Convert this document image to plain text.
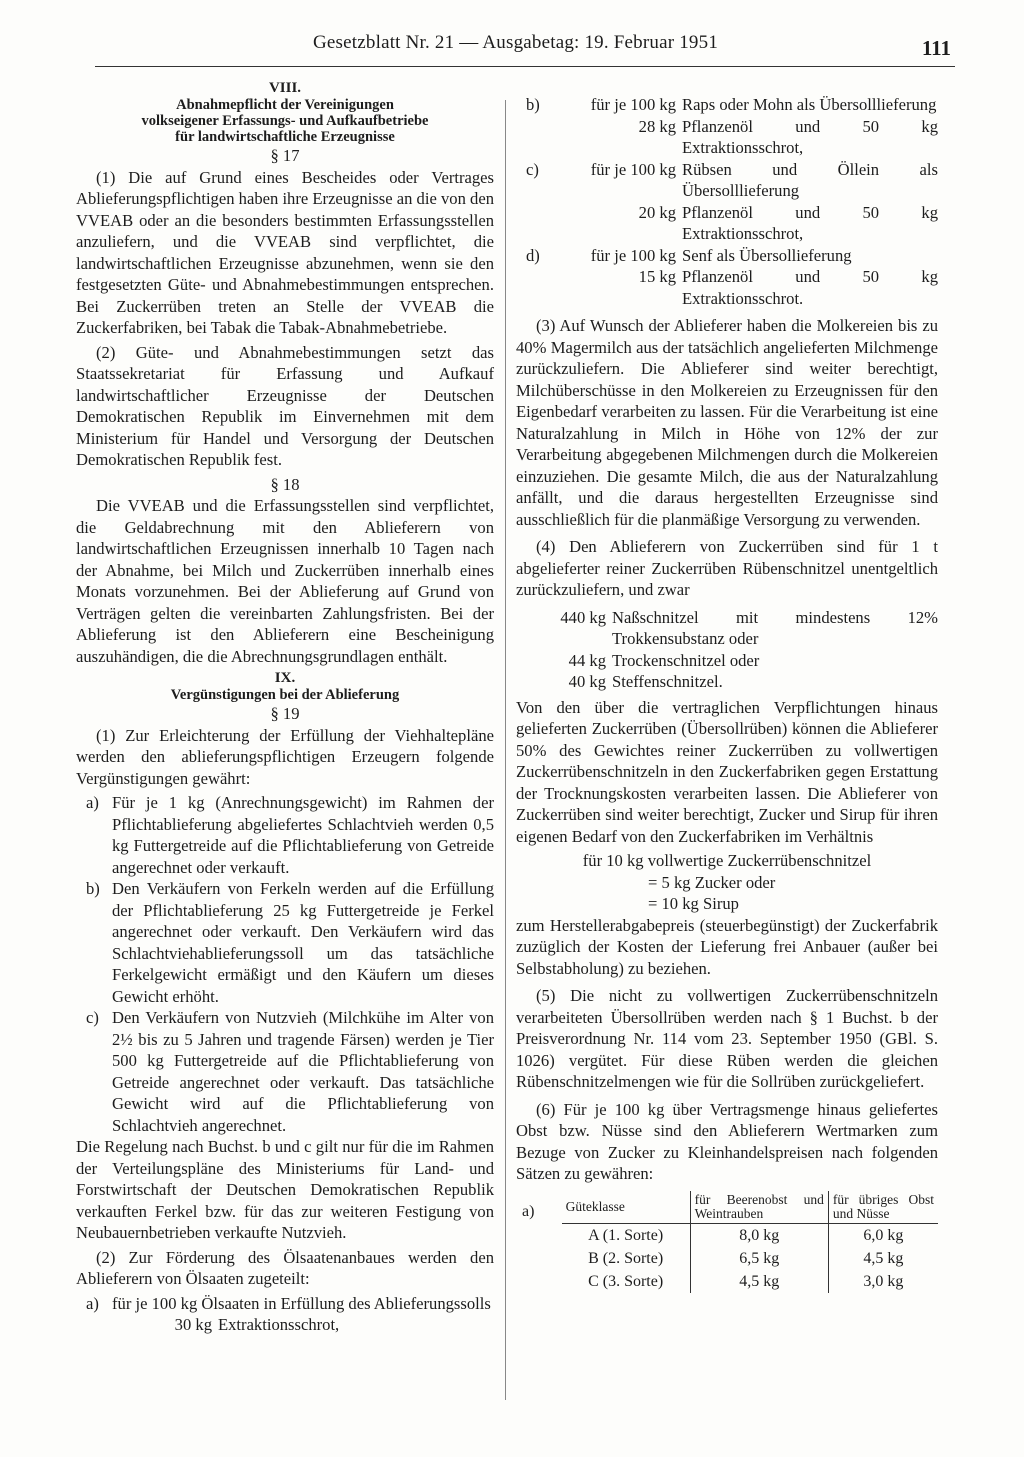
Gesetzblatt Nr. 21 — Ausgabetag: 19. Februar 1951	111
VIII.
Abnahmepflicht der Vereinigungen
volkseigener Erfassungs- und Aufkaufbetriebe
für landwirtschaftliche Erzeugnisse
§ 17

(1) Die auf Grund eines Bescheides oder Vertrages Ablieferungspflichtigen haben ihre Erzeugnisse an die von den VVEAB oder an die besonders bestimmten Erfassungsstellen anzuliefern, und die VVEAB sind verpflichtet, die landwirtschaftlichen Erzeugnisse abzunehmen, wenn sie den festgesetzten Güte- und Abnahmebestimmungen entsprechen. Bei Zuckerrüben treten an Stelle der VVEAB die Zuckerfabriken, bei Tabak die Tabak-Abnahmebetriebe.

(2) Güte- und Abnahmebestimmungen setzt das Staatssekretariat für Erfassung und Aufkauf landwirtschaftlicher Erzeugnisse der Deutschen Demokratischen Republik im Einvernehmen mit dem Ministerium für Handel und Versorgung der Deutschen Demokratischen Republik fest.

§ 18

Die VVEAB und die Erfassungsstellen sind verpflichtet, die Geldabrechnung mit den Ablieferern von landwirtschaftlichen Erzeugnissen innerhalb 10 Tagen nach der Abnahme, bei Milch und Zuckerrüben innerhalb eines Monats vorzunehmen. Bei der Ablieferung auf Grund von Verträgen gelten die vereinbarten Zahlungsfristen. Bei der Ablieferung ist den Ablieferern eine Bescheinigung auszuhändigen, die die Abrechnungsgrundlagen enthält.

IX.
Vergünstigungen bei der Ablieferung
§ 19

(1) Zur Erleichterung der Erfüllung der Viehhaltepläne werden den ablieferungspflichtigen Erzeugern folgende Vergünstigungen gewährt:

a) Für je 1 kg (Anrechnungsgewicht) im Rahmen der Pflichtablieferung abgeliefertes Schlachtvieh werden 0,5 kg Futtergetreide auf die Pflichtablieferung von Getreide angerechnet oder verkauft.
b) Den Verkäufern von Ferkeln werden auf die Erfüllung der Pflichtablieferung 25 kg Futtergetreide je Ferkel angerechnet oder verkauft. Den Verkäufern wird das Schlachtviehablieferungssoll um das tatsächliche Ferkelgewicht ermäßigt und den Käufern um dieses Gewicht erhöht.
c) Den Verkäufern von Nutzvieh (Milchkühe im Alter von 2½ bis zu 5 Jahren und tragende Färsen) werden je Tier 500 kg Futtergetreide auf die Pflichtablieferung von Getreide angerechnet oder verkauft. Das tatsächliche Gewicht wird auf die Pflichtablieferung von Schlachtvieh angerechnet.

Die Regelung nach Buchst. b und c gilt nur für die im Rahmen der Verteilungspläne des Ministeriums für Land- und Forstwirtschaft der Deutschen Demokratischen Republik verkauften Ferkel bzw. für das zur weiteren Festigung von Neubauernbetrieben verkaufte Nutzvieh.

(2) Zur Förderung des Ölsaatenanbaues werden den Ablieferern von Ölsaaten zugeteilt:

a) für je 100 kg Ölsaaten in Erfüllung des Ablieferungssolls
30 kg Extraktionsschrot,
b)	für je 100 kg Raps oder Mohn als Übersolllieferung
28 kg Pflanzenöl und 50 kg Extraktionsschrot,
c)	für je 100 kg Rübsen und Öllein als Übersolllieferung
20 kg Pflanzenöl und 50 kg Extraktionsschrot,
d)	für je 100 kg Senf als Übersollieferung
15 kg Pflanzenöl und 50 kg Extraktionsschrot.

(3) Auf Wunsch der Ablieferer haben die Molkereien bis zu 40% Magermilch aus der tatsächlich angelieferten Milchmenge zurückzuliefern. Die Ablieferer sind weiter berechtigt, Milchüberschüsse in den Molkereien zu Erzeugnissen für den Eigenbedarf verarbeiten zu lassen. Für die Verarbeitung ist eine Naturalzahlung in Milch in Höhe von 12% der zur Verarbeitung abgegebenen Milchmengen durch die Molkereien einzuziehen. Die gesamte Milch, die aus der Naturalzahlung anfällt, und die daraus hergestellten Erzeugnisse sind ausschließlich für die planmäßige Versorgung zu verwenden.

(4) Den Ablieferern von Zuckerrüben sind für 1 t abgelieferter reiner Zuckerrüben Rübenschnitzel unentgeltlich zurückzuliefern, und zwar

440 kg Naßschnitzel mit mindestens 12% Trokkensubstanz oder
44 kg Trockenschnitzel oder
40 kg Steffenschnitzel.

Von den über die vertraglichen Verpflichtungen hinaus gelieferten Zuckerrüben (Übersollrüben) können die Ablieferer 50% des Gewichtes reiner Zuckerrüben zu vollwertigen Zuckerrübenschnitzeln in den Zuckerfabriken gegen Erstattung der Trocknungskosten verarbeiten lassen. Die Ablieferer von Zuckerrüben sind weiter berechtigt, Zucker und Sirup für ihren eigenen Bedarf von den Zuckerfabriken im Verhältnis

für 10 kg vollwertige Zuckerrübenschnitzel
= 5 kg Zucker oder
= 10 kg Sirup

zum Herstellerabgabepreis (steuerbegünstigt) der Zuckerfabrik zuzüglich der Kosten der Lieferung frei Anbauer (außer bei Selbstabholung) zu beziehen.

(5) Die nicht zu vollwertigen Zuckerrübenschnitzeln verarbeiteten Übersollrüben werden nach § 1 Buchst. b der Preisverordnung Nr. 114 vom 23. September 1950 (GBl. S. 1026) vergütet. Für diese Rüben werden die gleichen Rübenschnitzelmengen wie für die Sollrüben zurückgeliefert.

(6) Für je 100 kg über Vertragsmenge hinaus geliefertes Obst bzw. Nüsse sind den Ablieferern Wertmarken zum Bezuge von Zucker zu Kleinhandelspreisen nach folgenden Sätzen zu gewähren:

a)	Güteklasse	für Beerenobst und Weintrauben	für übriges Obst und Nüsse
A (1. Sorte)	8,0 kg	6,0 kg
B (2. Sorte)	6,5 kg	4,5 kg
C (3. Sorte)	4,5 kg	3,0 kg
